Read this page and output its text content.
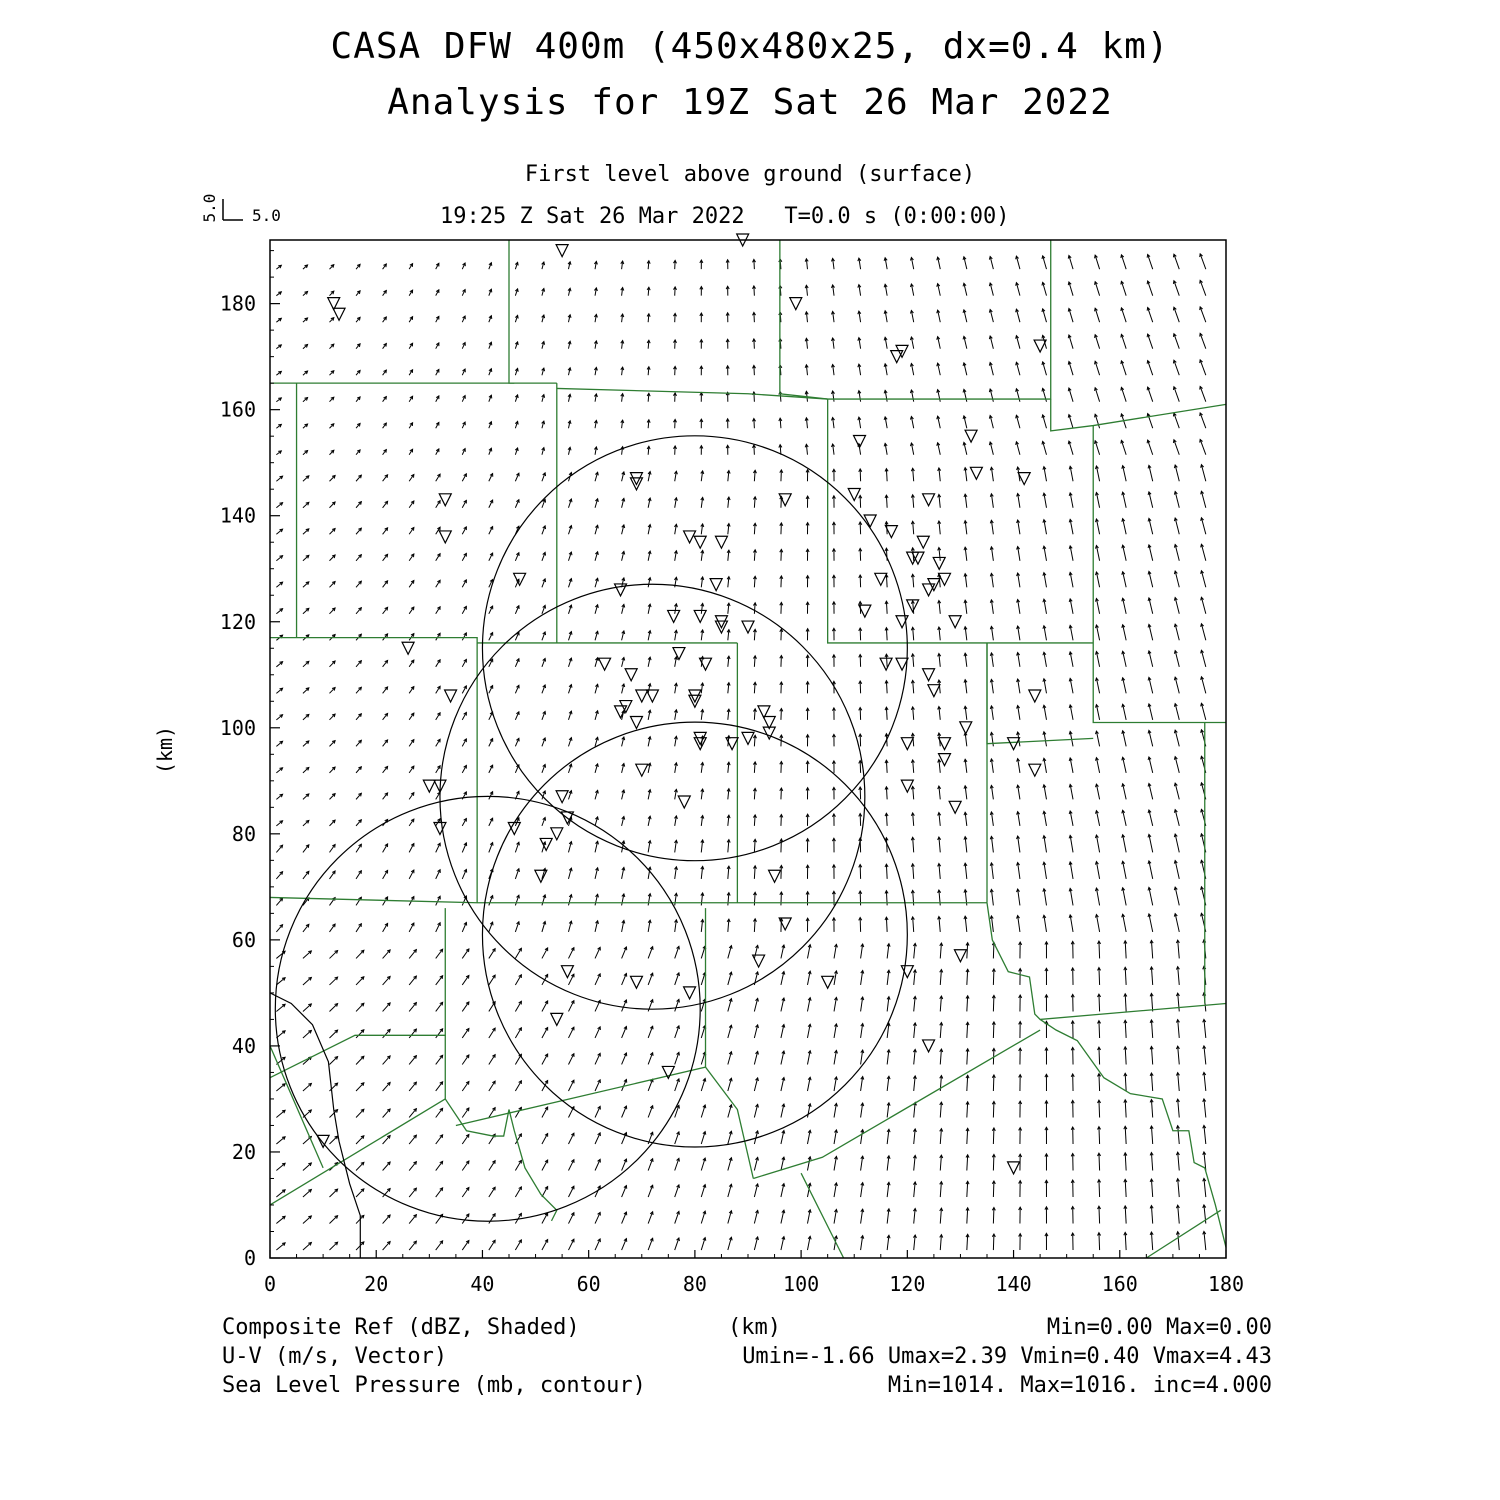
CASA DFW 400m (450x480x25, dx=0.4 km)
Analysis for 19Z Sat 26 Mar 2022
First level above ground (surface)
19:25 Z Sat 26 Mar 2022   T=0.0 s (0:00:00)
0	20	40	60	80	100	120	140	160	180
0
20
40
60
80
100
120
140
160
180
(km)
5.0 5.0
Composite Ref (dBZ, Shaded)
U-V (m/s, Vector)
Sea Level Pressure (mb, contour)
(km)	Min=0.00 Max=0.00
Umin=-1.66 Umax=2.39 Vmin=0.40 Vmax=4.43
Min=1014. Max=1016. inc=4.000
